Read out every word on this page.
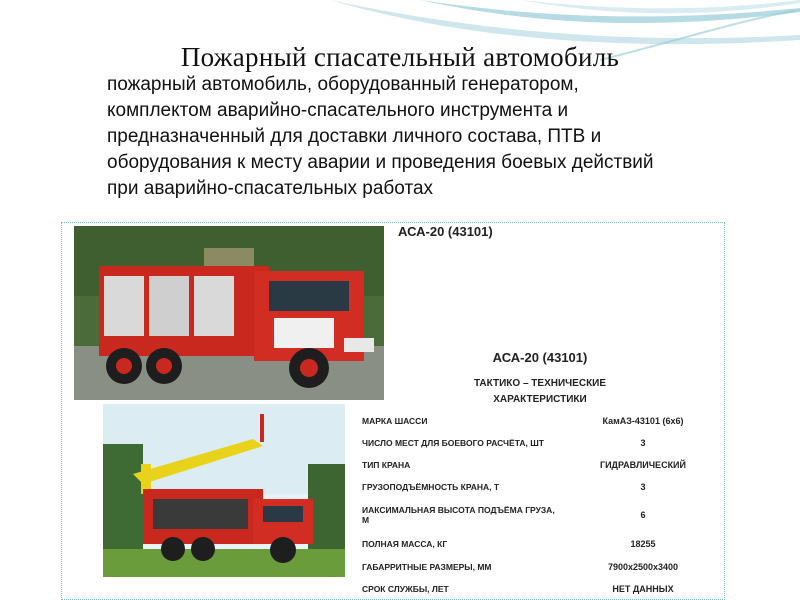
Пожарный спасательный автомобиль
пожарный автомобиль, оборудованный генератором, комплектом аварийно-спасательного инструмента и предназначенный для доставки личного состава, ПТВ и оборудования к месту аварии и проведения боевых действий при аварийно-спасательных работах
АСА-20 (43101)
АСА-20 (43101)
ТАКТИКО – ТЕХНИЧЕСКИЕ ХАРАКТЕРИСТИКИ
МАРКА ШАССИ	КамАЗ-43101 (6х6)
ЧИСЛО МЕСТ ДЛЯ БОЕВОГО РАСЧЁТА, ШТ	3
ТИП КРАНА	ГИДРАВЛИЧЕСКИЙ
ГРУЗОПОДЪЁМНОСТЬ КРАНА, Т	3
ИАКСИМАЛЬНАЯ ВЫСОТА ПОДЪЁМА ГРУЗА, М	6
ПОЛНАЯ МАССА, КГ	18255
ГАБАРРИТНЫЕ РАЗМЕРЫ, ММ	7900х2500х3400
СРОК СЛУЖБЫ, ЛЕТ	НЕТ ДАННЫХ
